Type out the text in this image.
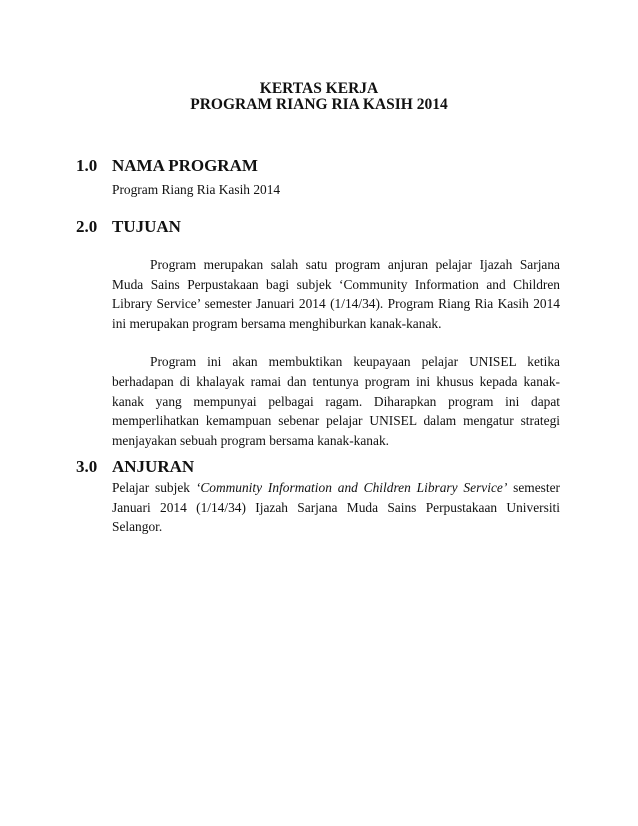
KERTAS KERJA
PROGRAM RIANG RIA KASIH 2014
1.0 NAMA PROGRAM

Program Riang Ria Kasih 2014

2.0 TUJUAN

Program merupakan salah satu program anjuran pelajar Ijazah Sarjana Muda Sains Perpustakaan bagi subjek ‘Community Information and Children Library Service’ semester Januari 2014 (1/14/34). Program Riang Ria Kasih 2014 ini merupakan program bersama menghiburkan kanak-kanak.

Program ini akan membuktikan keupayaan pelajar UNISEL ketika berhadapan di khalayak ramai dan tentunya program ini khusus kepada kanak-kanak yang mempunyai pelbagai ragam. Diharapkan program ini dapat memperlihatkan kemampuan sebenar pelajar UNISEL dalam mengatur strategi menjayakan sebuah program bersama kanak-kanak.

3.0 ANJURAN

Pelajar subjek ‘Community Information and Children Library Service’ semester Januari 2014 (1/14/34) Ijazah Sarjana Muda Sains Perpustakaan Universiti Selangor.
